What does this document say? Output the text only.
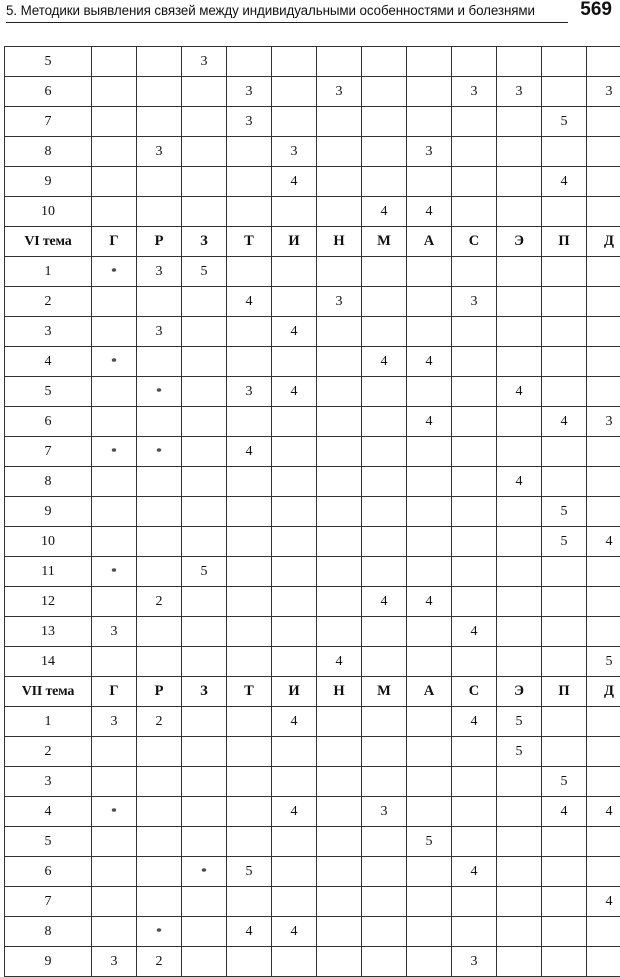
5. Методики выявления связей между индивидуальными особенностями и болезнями 569
5			3									
6				3		3			3	3		3
7				3							5	
8		3			3			3				
9					4						4	
10							4	4				
VI тема	Г	Р	З	Т	И	Н	М	А	С	Э	П	Д
1	*	3	5									
2				4		3			3			
3		3			4							
4	*						4	4				
5		*		3	4					4		
6								4			4	3
7	*	*		4								
8										4		
9											5	
10											5	4
11	*		5									
12		2					4	4				
13	3								4			
14						4						5
VII тема	Г	Р	З	Т	И	Н	М	А	С	Э	П	Д
1	3	2			4				4	5		
2										5		
3											5	
4	*				4		3				4	4
5								5				
6			*	5					4			
7												4
8		*		4	4							
9	3	2							3			
